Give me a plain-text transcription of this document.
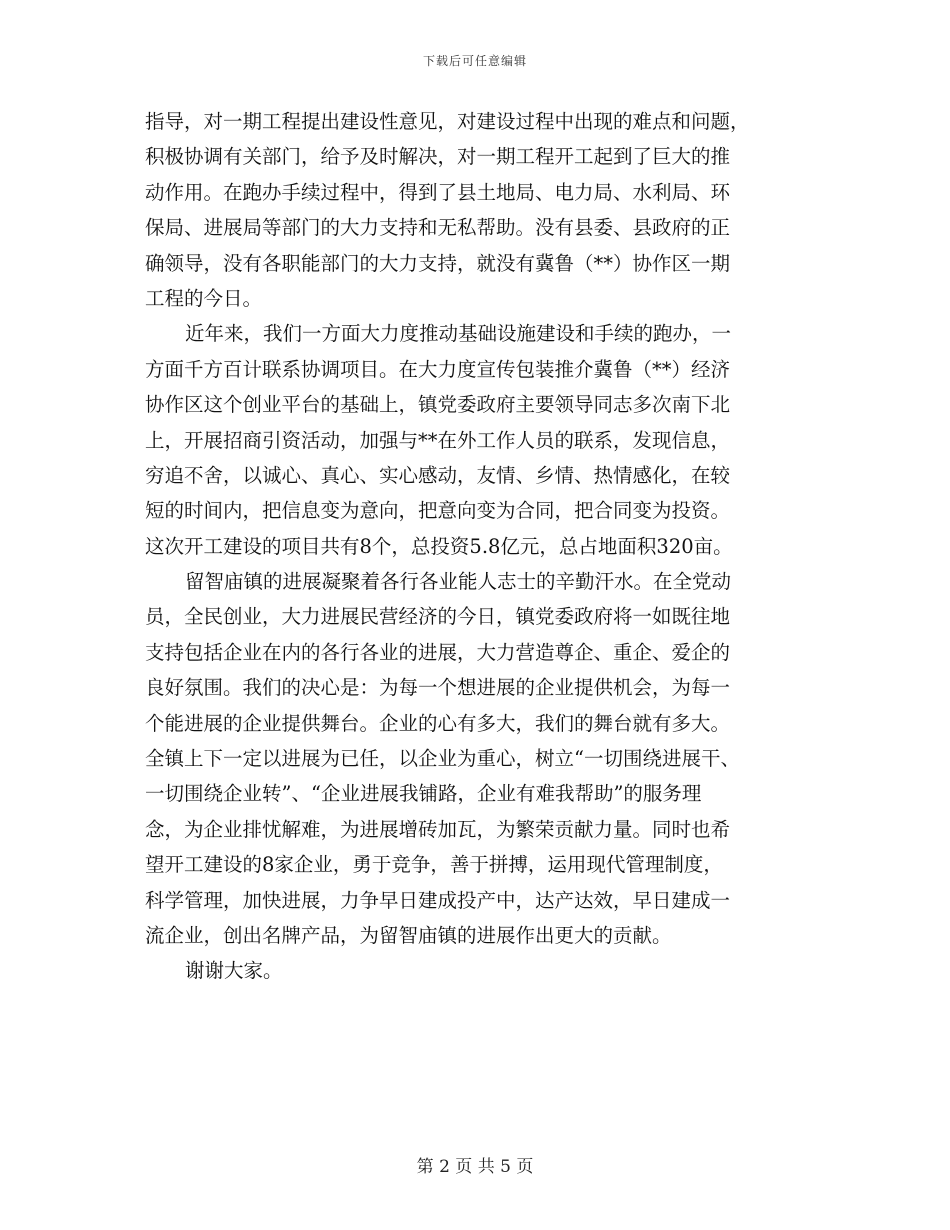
下载后可任意编辑
指导，对一期工程提出建设性意见，对建设过程中出现的难点和问题，
积极协调有关部门，给予及时解决，对一期工程开工起到了巨大的推
动作用。在跑办手续过程中，得到了县土地局、电力局、水利局、环
保局、进展局等部门的大力支持和无私帮助。没有县委、县政府的正
确领导，没有各职能部门的大力支持，就没有冀鲁（**）协作区一期
工程的今日。
近年来，我们一方面大力度推动基础设施建设和手续的跑办，一
方面千方百计联系协调项目。在大力度宣传包装推介冀鲁（**）经济
协作区这个创业平台的基础上，镇党委政府主要领导同志多次南下北
上，开展招商引资活动，加强与**在外工作人员的联系，发现信息，
穷追不舍，以诚心、真心、实心感动，友情、乡情、热情感化，在较
短的时间内，把信息变为意向，把意向变为合同，把合同变为投资。
这次开工建设的项目共有8个，总投资5.8亿元，总占地面积320亩。
留智庙镇的进展凝聚着各行各业能人志士的辛勤汗水。在全党动
员，全民创业，大力进展民营经济的今日，镇党委政府将一如既往地
支持包括企业在内的各行各业的进展，大力营造尊企、重企、爱企的
良好氛围。我们的决心是：为每一个想进展的企业提供机会，为每一
个能进展的企业提供舞台。企业的心有多大，我们的舞台就有多大。
全镇上下一定以进展为已任，以企业为重心，树立“一切围绕进展干、
一切围绕企业转”、“企业进展我铺路，企业有难我帮助”的服务理
念，为企业排忧解难，为进展增砖加瓦，为繁荣贡献力量。同时也希
望开工建设的8家企业，勇于竞争，善于拼搏，运用现代管理制度，
科学管理，加快进展，力争早日建成投产中，达产达效，早日建成一
流企业，创出名牌产品，为留智庙镇的进展作出更大的贡献。
谢谢大家。
第 2 页 共 5 页
